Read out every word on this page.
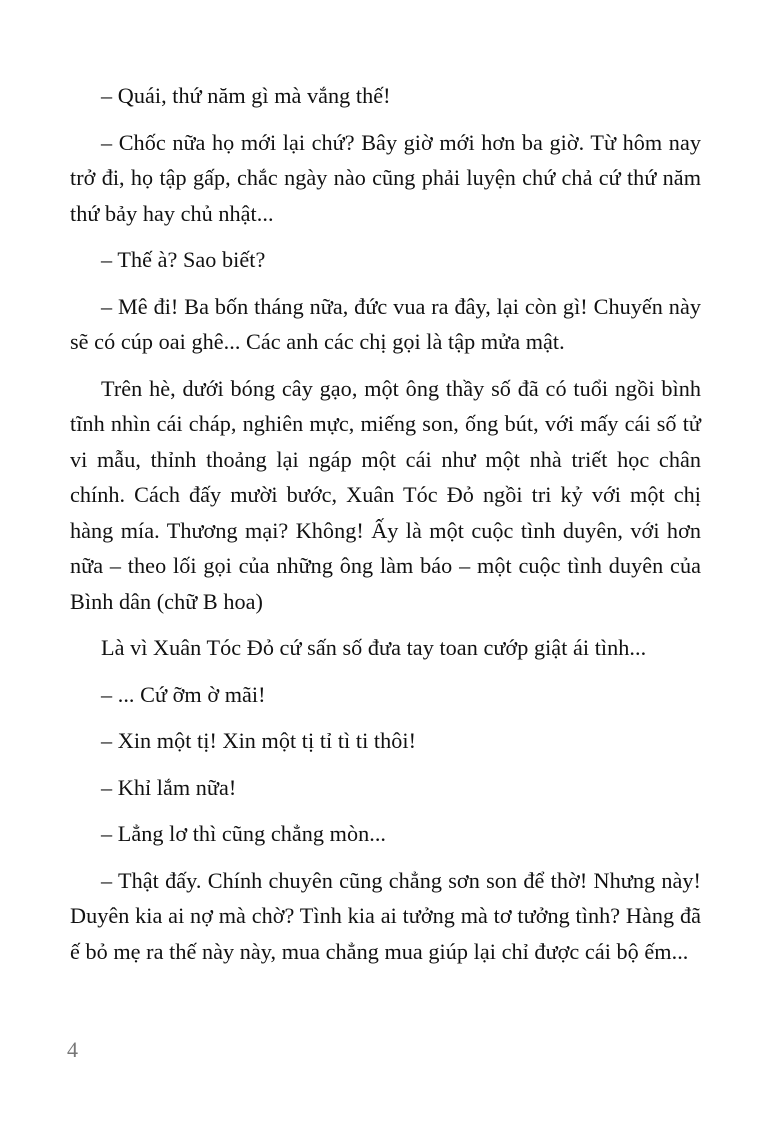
– Quái, thứ năm gì mà vắng thế!

– Chốc nữa họ mới lại chứ? Bây giờ mới hơn ba giờ. Từ hôm nay trở đi, họ tập gấp, chắc ngày nào cũng phải luyện chứ chả cứ thứ năm thứ bảy hay chủ nhật...

– Thế à? Sao biết?

– Mê đi! Ba bốn tháng nữa, đức vua ra đây, lại còn gì! Chuyến này sẽ có cúp oai ghê... Các anh các chị gọi là tập mửa mật.

Trên hè, dưới bóng cây gạo, một ông thầy số đã có tuổi ngồi bình tĩnh nhìn cái cháp, nghiên mực, miếng son, ống bút, với mấy cái số tử vi mẫu, thỉnh thoảng lại ngáp một cái như một nhà triết học chân chính. Cách đấy mười bước, Xuân Tóc Đỏ ngồi tri kỷ với một chị hàng mía. Thương mại? Không! Ấy là một cuộc tình duyên, với hơn nữa – theo lối gọi của những ông làm báo – một cuộc tình duyên của Bình dân (chữ B hoa)

Là vì Xuân Tóc Đỏ cứ sấn số đưa tay toan cướp giật ái tình...

– ... Cứ ỡm ờ mãi!

– Xin một tị! Xin một tị tỉ tì ti thôi!

– Khỉ lắm nữa!

– Lẳng lơ thì cũng chẳng mòn...

– Thật đấy. Chính chuyên cũng chẳng sơn son để thờ! Nhưng này! Duyên kia ai nợ mà chờ? Tình kia ai tưởng mà tơ tưởng tình? Hàng đã ế bỏ mẹ ra thế này này, mua chẳng mua giúp lại chỉ được cái bộ ếm...

4
